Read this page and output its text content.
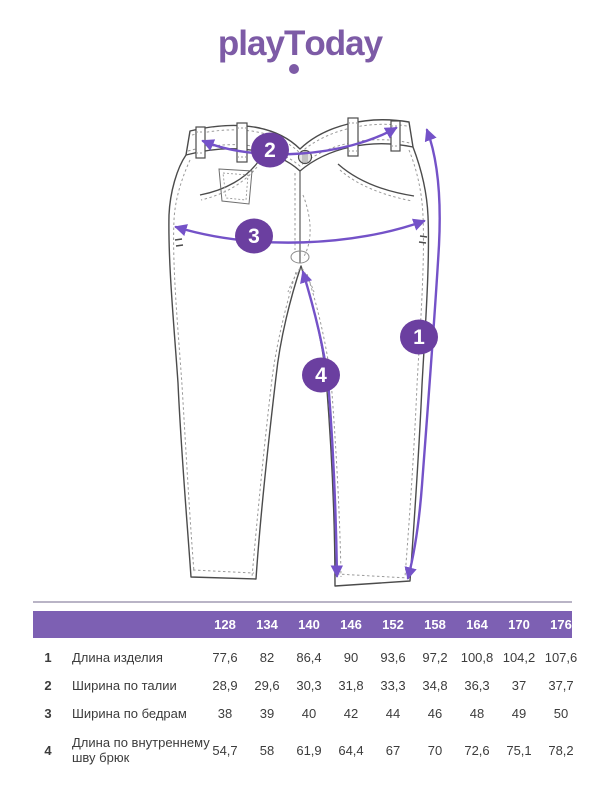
playT
oday
2
3
1
4
128	134	140	146	152	158	164	170	176
1	Длина изделия	77,6	82	86,4	90	93,6	97,2	100,8 104,2 107,6
2	Ширина по талии	28,9	29,6	30,3	31,8	33,3	34,8	36,3	37	37,7
3	Ширина по бедрам	38	39	40	42	44	46	48	49	50
4	Длина по внутреннему шву брюк	54,7	58	61,9	64,4	67	70	72,6	75,1	78,2
